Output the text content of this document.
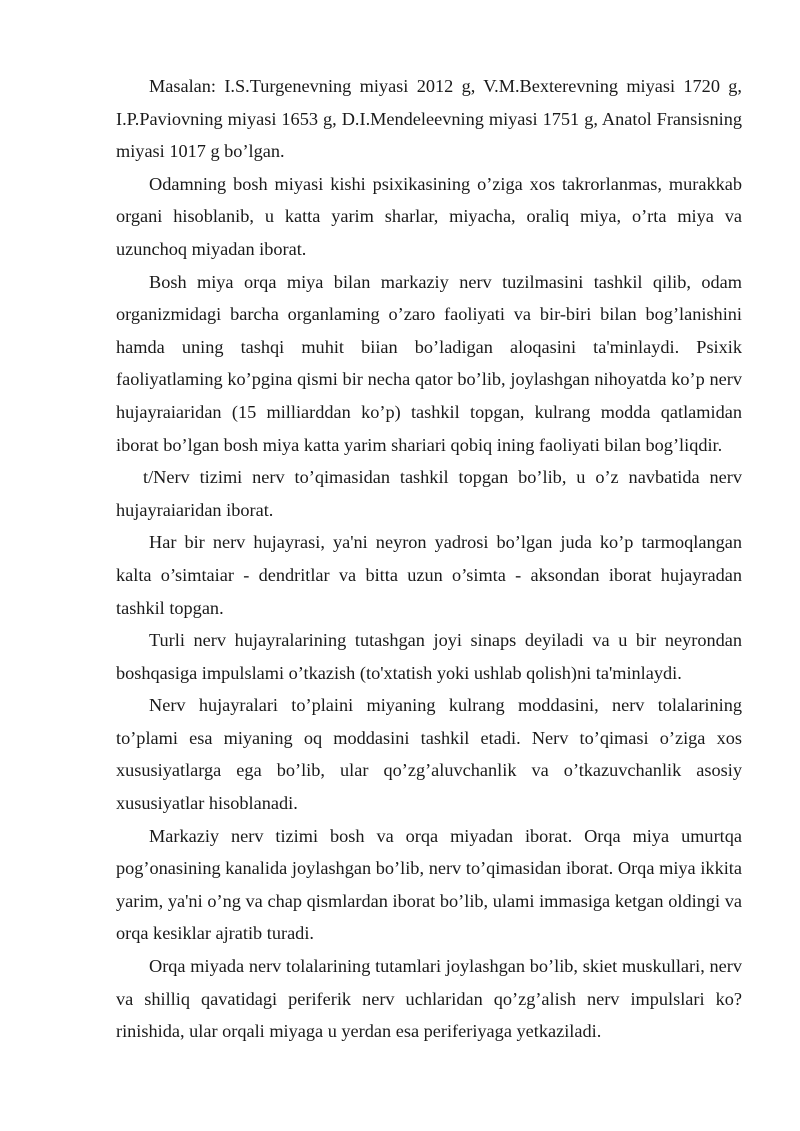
Masalan: I.S.Turgenevning miyasi 2012 g, V.M.Bexterevning miyasi 1720 g, I.P.Paviovning miyasi 1653 g, D.I.Mendeleevning miyasi 1751 g, Anatol Fransisning miyasi 1017 g bo’lgan.

Odamning bosh miyasi kishi psixikasining o’ziga xos takrorlanmas, murakkab organi hisoblanib, u katta yarim sharlar, miyacha, oraliq miya, o’rta miya va uzunchoq miyadan iborat.

Bosh miya orqa miya bilan markaziy nerv tuzilmasini tashkil qilib, odam organizmidagi barcha organlaming o’zaro faoliyati va bir-biri bilan bog’lanishini hamda uning tashqi muhit biian bo’ladigan aloqasini ta'minlaydi. Psixik faoliyatlaming ko’pgina qismi bir necha qator bo’lib, joylashgan nihoyatda ko’p nerv hujayraiaridan (15 milliarddan ko’p) tashkil topgan, kulrang modda qatlamidan iborat bo’lgan bosh miya katta yarim shariari qobiq ining faoliyati bilan bog’liqdir.

t/Nerv tizimi nerv to’qimasidan tashkil topgan bo’lib, u o’z navbatida nerv hujayraiaridan iborat.

Har bir nerv hujayrasi, ya'ni neyron yadrosi bo’lgan juda ko’p tarmoqlangan kalta o’simtaiar - dendritlar va bitta uzun o’simta - aksondan iborat hujayradan tashkil topgan.

Turli nerv hujayralarining tutashgan joyi sinaps deyiladi va u bir neyrondan boshqasiga impulslami o’tkazish (to'xtatish yoki ushlab qolish)ni ta'minlaydi.

Nerv hujayralari to’plaini miyaning kulrang moddasini, nerv tolalarining to’plami esa miyaning oq moddasini tashkil etadi. Nerv to’qimasi o’ziga xos xususiyatlarga ega bo’lib, ular qo’zg’aluvchanlik va o’tkazuvchanlik asosiy xususiyatlar hisoblanadi.

Markaziy nerv tizimi bosh va orqa miyadan iborat. Orqa miya umurtqa pog’onasining kanalida joylashgan bo’lib, nerv to’qimasidan iborat. Orqa miya ikkita yarim, ya'ni o’ng va chap qismlardan iborat bo’lib, ulami immasiga ketgan oldingi va orqa kesiklar ajratib turadi.

Orqa miyada nerv tolalarining tutamlari joylashgan bo’lib, skiet muskullari, nerv va shilliq qavatidagi periferik nerv uchlaridan qo’zg’alish nerv impulslari ko?rinishida, ular orqali miyaga u yerdan esa periferiyaga yetkaziladi.
